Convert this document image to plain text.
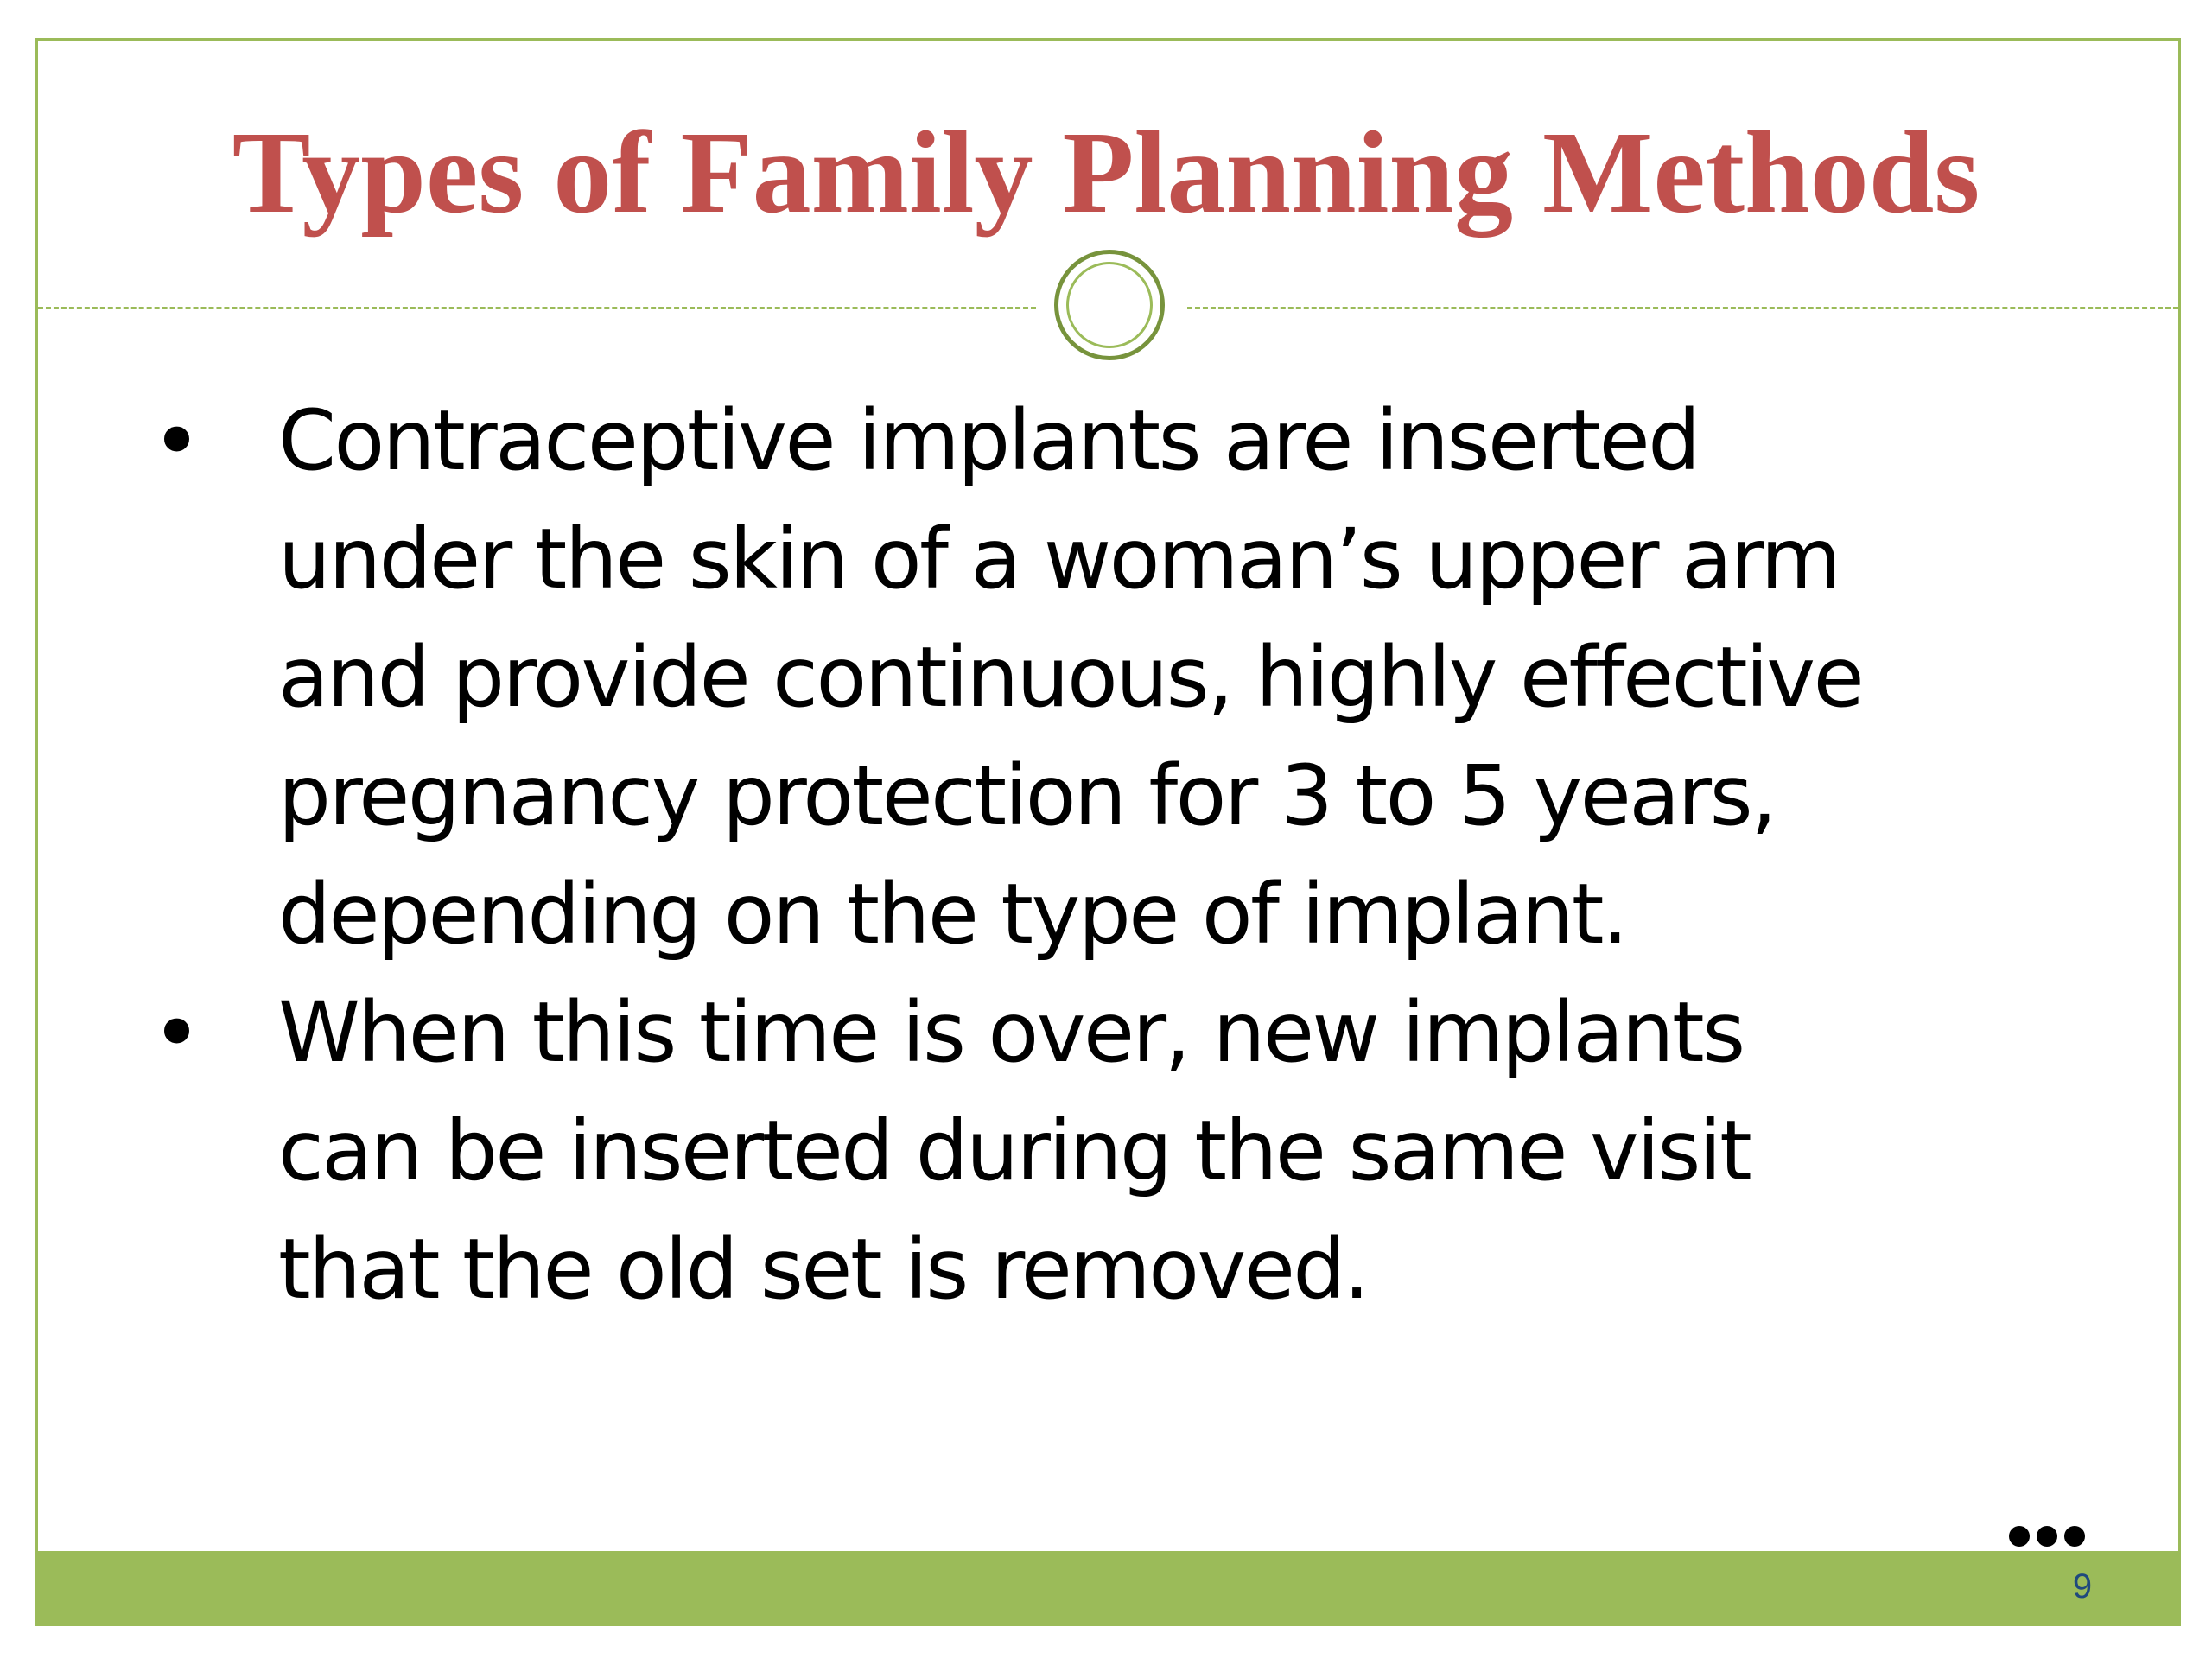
Types of Family Planning Methods
• Contraceptive implants are inserted
under the skin of a woman’s upper arm
and provide continuous, highly effective
pregnancy protection for 3 to 5 years,
depending on the type of implant.
• When this time is over, new implants
can be inserted during the same visit
that the old set is removed.
9
